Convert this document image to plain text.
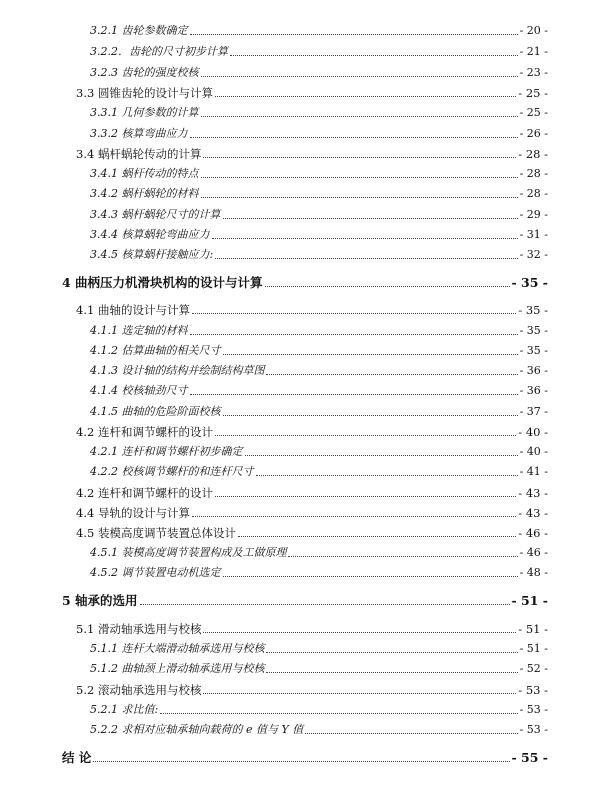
3.2.1 齿轮参数确定	- 20 -
3.2.2．齿轮的尺寸初步计算	- 21 -
3.2.3 齿轮的强度校核	- 23 -
3.3 圆锥齿轮的设计与计算	- 25 -
3.3.1 几何参数的计算	- 25 -
3.3.2 核算弯曲应力	- 26 -
3.4 蜗杆蜗轮传动的计算	- 28 -
3.4.1 蜗杆传动的特点	- 28 -
3.4.2 蜗杆蜗轮的材料	- 28 -
3.4.3 蜗杆蜗轮尺寸的计算	- 29 -
3.4.4 核算蜗轮弯曲应力	- 31 -
3.4.5 核算蜗杆接触应力:	- 32 -
4 曲柄压力机滑块机构的设计与计算	- 35 -
4.1 曲轴的设计与计算	- 35 -
4.1.1 选定轴的材料	- 35 -
4.1.2 估算曲轴的相关尺寸	- 35 -
4.1.3 设计轴的结构并绘制结构草图	- 36 -
4.1.4 校核轴劲尺寸	- 36 -
4.1.5 曲轴的危险阶面校核	- 37 -
4.2 连杆和调节螺杆的设计	- 40 -
4.2.1 连杆和调节螺杆初步确定	- 40 -
4.2.2 校核调节螺杆的和连杆尺寸	- 41 -
4.2 连杆和调节螺杆的设计	- 43 -
4.4 导轨的设计与计算	- 43 -
4.5 装模高度调节装置总体设计	- 46 -
4.5.1 装模高度调节装置构成及工做原理	- 46 -
4.5.2 调节装置电动机选定	- 48 -
5 轴承的选用	- 51 -
5.1 滑动轴承选用与校核	- 51 -
5.1.1 连杆大端滑动轴承选用与校核	- 51 -
5.1.2 曲轴颈上滑动轴承选用与校核	- 52 -
5.2 滚动轴承选用与校核	- 53 -
5.2.1 求比值:	- 53 -
5.2.2 求相对应轴承轴向载荷的 e 值与 Y 值	- 53 -
结 论	- 55 -
